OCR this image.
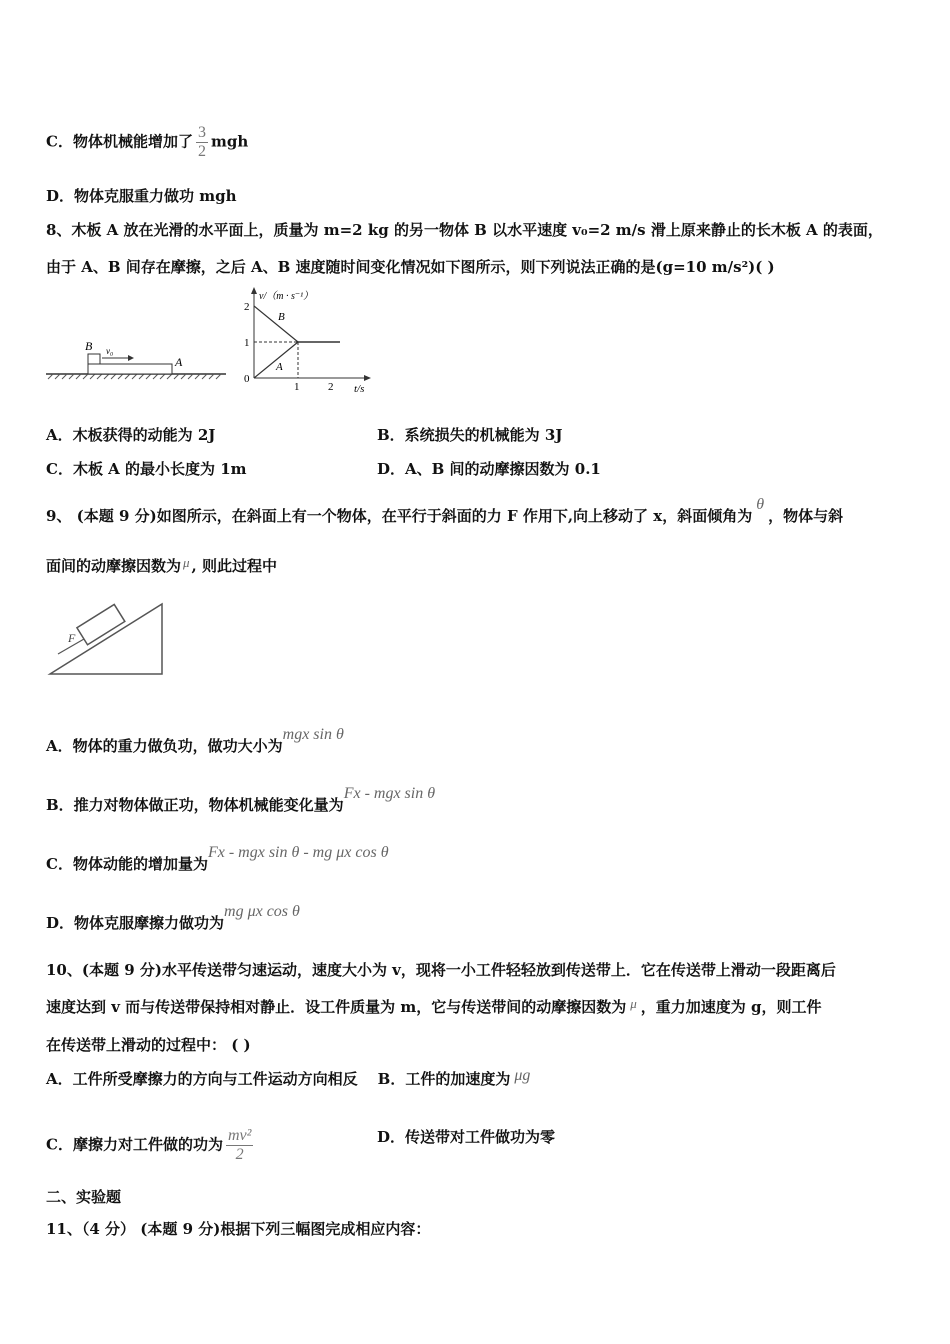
C．物体机械能增加了 $\frac{3}{2}$ mgh
D．物体克服重力做功 mgh
8、木板 A 放在光滑的水平面上，质量为 m=2 kg 的另一物体 B 以水平速度 v₀=2 m/s 滑上原来静止的长木板 A 的表面，
由于 A、B 间存在摩擦，之后 A、B 速度随时间变化情况如下图所示，则下列说法正确的是(g=10 m/s²)( )
B v₀
A
v/（m · s⁻¹）
2
1
0
1	2 t/s
B
A
A．木板获得的动能为 2J	B．系统损失的机械能为 3J
C．木板 A 的最小长度为 1m	D．A、B 间的动摩擦因数为 0.1
9、 (本题 9 分)如图所示，在斜面上有一个物体，在平行于斜面的力 F 作用下,向上移动了 x，斜面倾角为θ，物体与斜
面间的动摩擦因数为 μ , 则此过程中
F
A．物体的重力做负功，做功大小为mgx sin θ
B．推力对物体做正功，物体机械能变化量为Fx - mgx sin θ
C．物体动能的增加量为Fx - mgx sin θ - mg μx cos θ
D．物体克服摩擦力做功为mg μx cos θ
10、(本题 9 分)水平传送带匀速运动，速度大小为 v，现将一小工件轻轻放到传送带上．它在传送带上滑动一段距离后
速度达到 v 而与传送带保持相对静止．设工件质量为 m，它与传送带间的动摩擦因数为 μ ，重力加速度为 g，则工件
在传送带上滑动的过程中： ( )
A．工件所受摩擦力的方向与工件运动方向相反 B．工件的加速度为 μg
C．摩擦力对工件做的功为 $\frac{\text{mv²}}{2}$	D．传送带对工件做功为零
二、实验题
11、（4 分） (本题 9 分)根据下列三幅图完成相应内容：
